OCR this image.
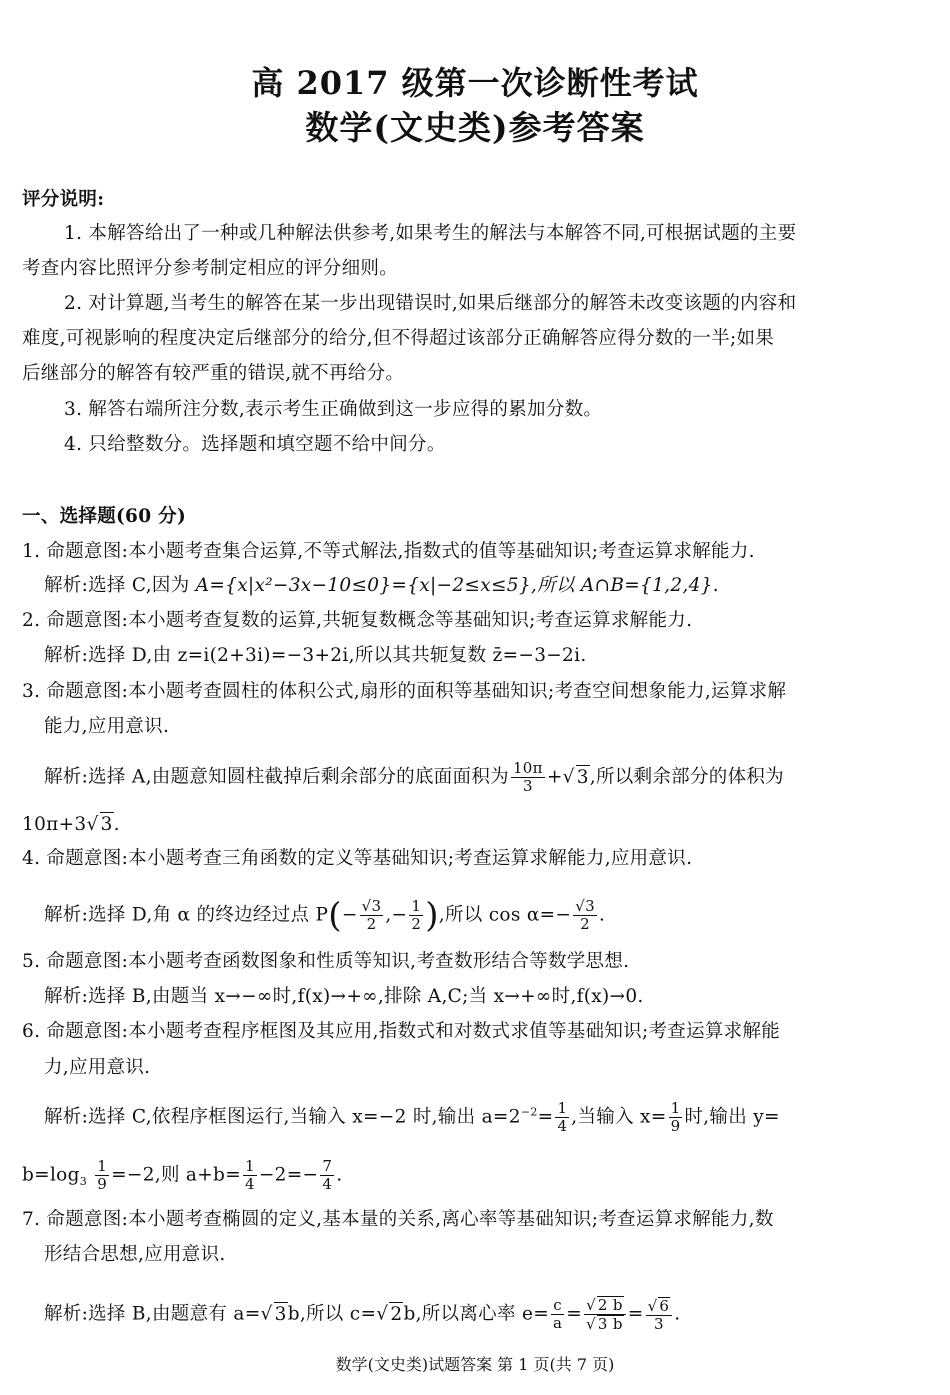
高 2017 级第一次诊断性考试
数学(文史类)参考答案
评分说明:
1. 本解答给出了一种或几种解法供参考,如果考生的解法与本解答不同,可根据试题的主要
考查内容比照评分参考制定相应的评分细则。
2. 对计算题,当考生的解答在某一步出现错误时,如果后继部分的解答未改变该题的内容和
难度,可视影响的程度决定后继部分的给分,但不得超过该部分正确解答应得分数的一半;如果
后继部分的解答有较严重的错误,就不再给分。
3. 解答右端所注分数,表示考生正确做到这一步应得的累加分数。
4. 只给整数分。选择题和填空题不给中间分。
一、选择题(60 分)
1. 命题意图:本小题考查集合运算,不等式解法,指数式的值等基础知识;考查运算求解能力.
解析:选择 C,因为 A={x|x²−3x−10≤0}={x|−2≤x≤5},所以 A∩B={1,2,4}.
2. 命题意图:本小题考查复数的运算,共轭复数概念等基础知识;考查运算求解能力.
解析:选择 D,由 z=i(2+3i)=−3+2i,所以其共轭复数 z̄=−3−2i.
3. 命题意图:本小题考查圆柱的体积公式,扇形的面积等基础知识;考查空间想象能力,运算求解
能力,应用意识.
解析:选择 A,由题意知圆柱截掉后剩余部分的底面面积为 $\frac{10\pi}{3}$ +√ 3,所以剩余部分的体积为
10π+3√ 3.
4. 命题意图:本小题考查三角函数的定义等基础知识;考查运算求解能力,应用意识.
解析:选择 D,角 α 的终边经过点 $P(- \frac{√3}{2}$ ,− $\frac{1}{2}$ ),所以 $\cos \alpha=- \frac{√3}{2}$ .
5. 命题意图:本小题考查函数图象和性质等知识,考查数形结合等数学思想.
解析:选择 B,由题当 x→−∞时,f(x)→+∞,排除 A,C;当 x→+∞时,f(x)→0.
6. 命题意图:本小题考查程序框图及其应用,指数式和对数式求值等基础知识;考查运算求解能
力,应用意识.
解析:选择 C,依程序框图运行,当输入 x=−2 时,输出 $a=2^{-2}= \frac{1}{4}$ ,当输入 $x= \frac{1}{9}$ 时,输出 y=
$b=\log_3 \frac{1}{9} =-2$,则 $a+b= \frac{1}{4} -2=- \frac{7}{4}$ .
7. 命题意图:本小题考查椭圆的定义,基本量的关系,离心率等基础知识;考查运算求解能力,数
形结合思想,应用意识.
解析:选择 B,由题意有 a=√ 3b,所以 c=√ 2b,所以离心率 $e= \frac{c}{a} = \frac{√ 2 b}{√ 3 b} = \frac{√ 6}{3}$ .
数学(文史类)试题答案 第 1 页(共 7 页)
